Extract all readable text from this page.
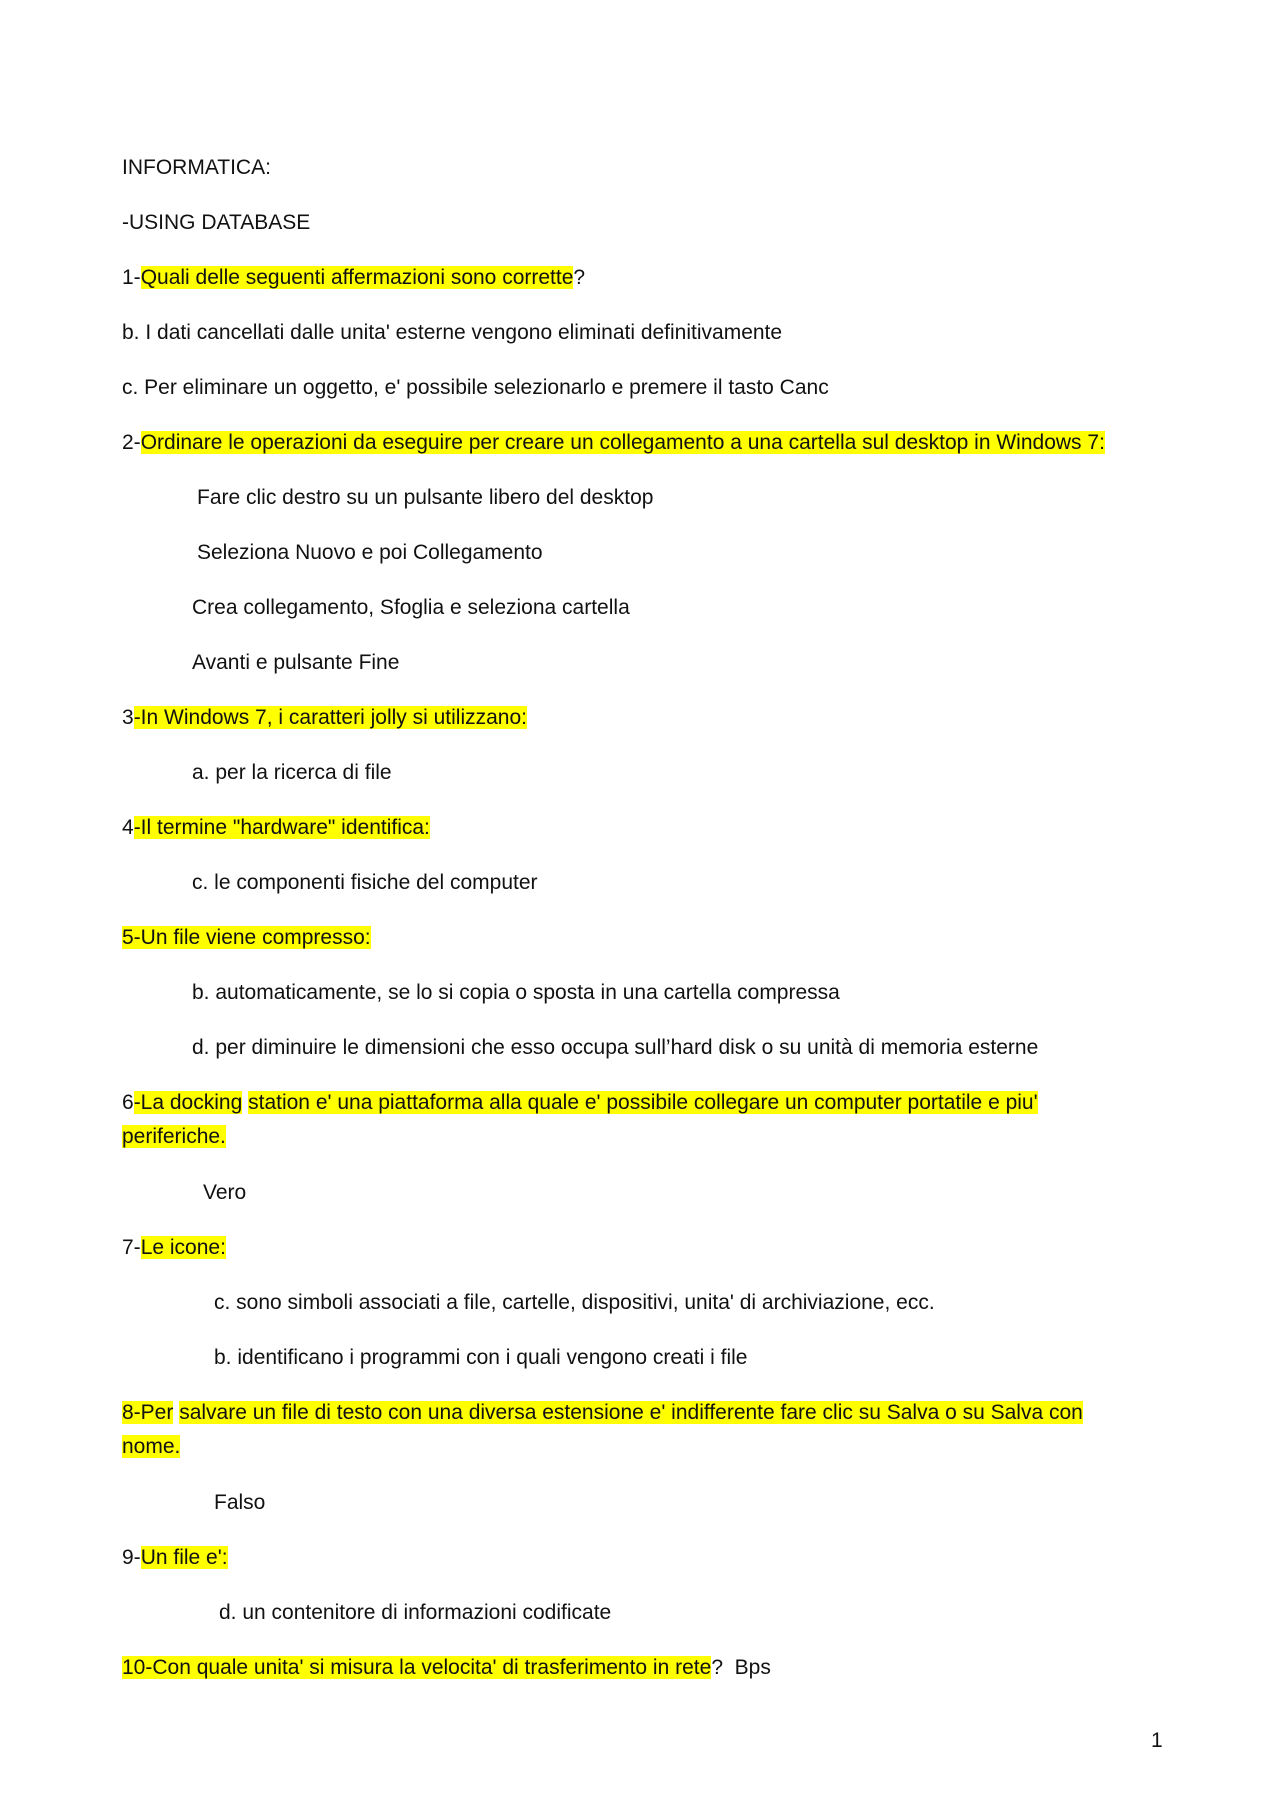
INFORMATICA:
-USING DATABASE
1-Quali delle seguenti affermazioni sono corrette?
b. I dati cancellati dalle unita' esterne vengono eliminati definitivamente
c. Per eliminare un oggetto, e' possibile selezionarlo e premere il tasto Canc
2-Ordinare le operazioni da eseguire per creare un collegamento a una cartella sul desktop in Windows 7:
Fare clic destro su un pulsante libero del desktop
Seleziona Nuovo e poi Collegamento
Crea collegamento, Sfoglia e seleziona cartella
Avanti e pulsante Fine
3-In Windows 7, i caratteri jolly si utilizzano:
a. per la ricerca di file
4-Il termine "hardware" identifica:
c. le componenti fisiche del computer
5-Un file viene compresso:
b. automaticamente, se lo si copia o sposta in una cartella compressa
d. per diminuire le dimensioni che esso occupa sull’hard disk o su unità di memoria esterne
6-La docking station e' una piattaforma alla quale e' possibile collegare un computer portatile e piu'
periferiche.
Vero
7-Le icone:
c. sono simboli associati a file, cartelle, dispositivi, unita' di archiviazione, ecc.
b. identificano i programmi con i quali vengono creati i file
8-Per salvare un file di testo con una diversa estensione e' indifferente fare clic su Salva o su Salva con
nome.
Falso
9-Un file e':
d. un contenitore di informazioni codificate
10-Con quale unita' si misura la velocita' di trasferimento in rete? Bps
1
